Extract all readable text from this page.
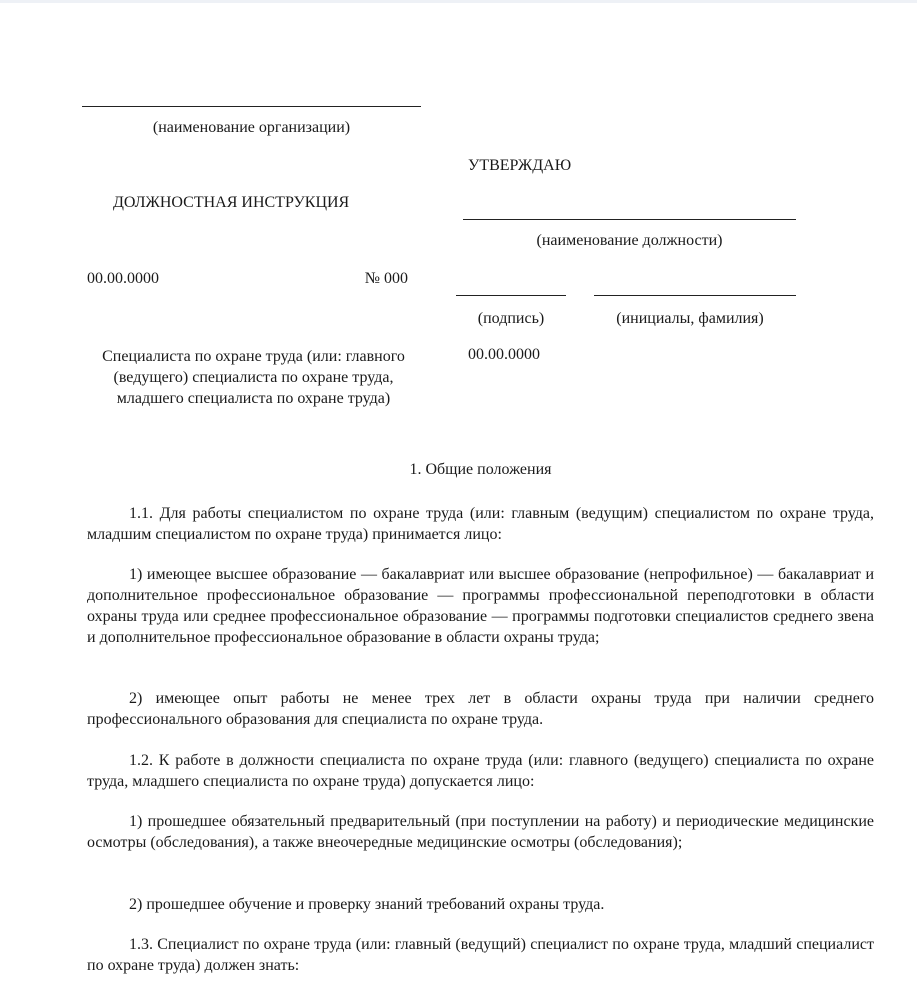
(наименование организации)
ДОЛЖНОСТНАЯ ИНСТРУКЦИЯ
00.00.0000	№ 000
Специалиста по охране труда (или: главного (ведущего) специалиста по охране труда, младшего специалиста по охране труда)
УТВЕРЖДАЮ
(наименование должности)
(подпись)	(инициалы, фамилия)
00.00.0000
1. Общие положения

1.1. Для работы специалистом по охране труда (или: главным (ведущим) специалистом по охране труда, младшим специалистом по охране труда) принимается лицо:

1) имеющее высшее образование — бакалавриат или высшее образование (непрофильное) — бакалавриат и дополнительное профессиональное образование — программы профессиональной переподготовки в области охраны труда или среднее профессиональное образование — программы подготовки специалистов среднего звена и дополнительное профессиональное образование в области охраны труда;

2) имеющее опыт работы не менее трех лет в области охраны труда при наличии среднего профессионального образования для специалиста по охране труда.

1.2. К работе в должности специалиста по охране труда (или: главного (ведущего) специалиста по охране труда, младшего специалиста по охране труда) допускается лицо:

1) прошедшее обязательный предварительный (при поступлении на работу) и периодические медицинские осмотры (обследования), а также внеочередные медицинские осмотры (обследования);

2) прошедшее обучение и проверку знаний требований охраны труда.

1.3. Специалист по охране труда (или: главный (ведущий) специалист по охране труда, младший специалист по охране труда) должен знать:
